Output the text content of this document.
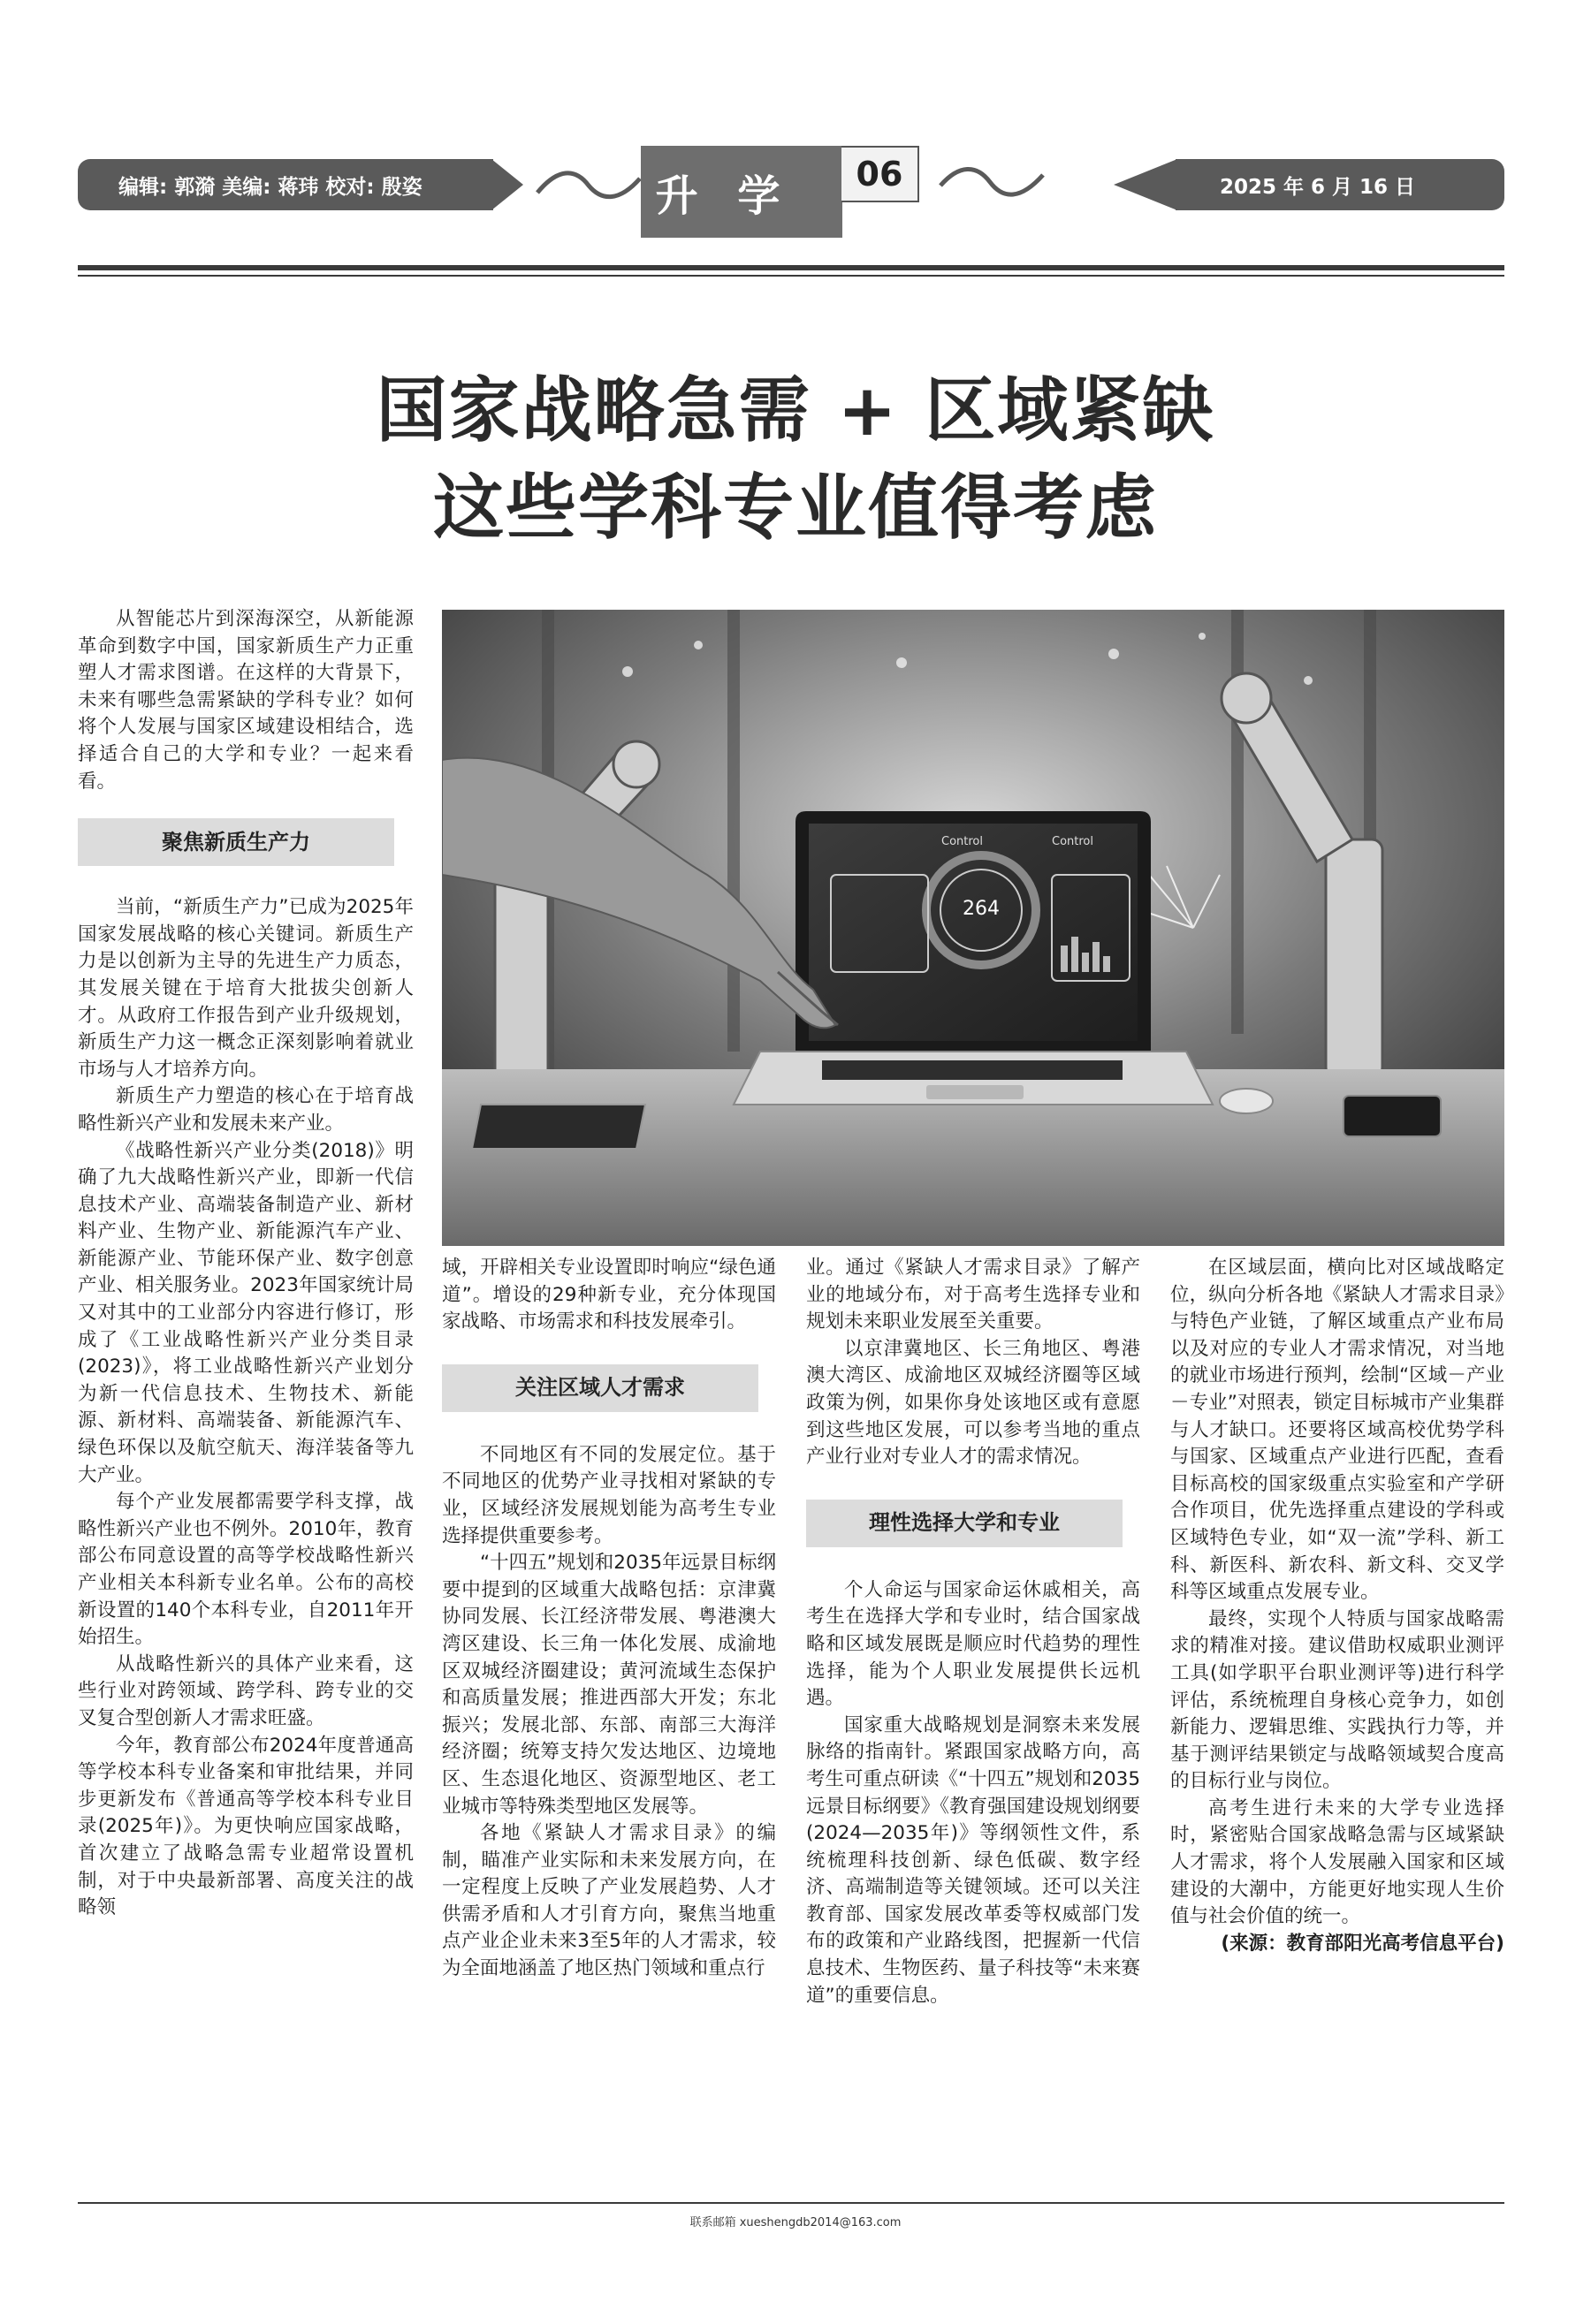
编辑: 郭漪 美编: 蒋玮 校对: 殷姿	升 学 06	2025 年 6 月 16 日
国家战略急需 + 区域紧缺
这些学科专业值得考虑

从智能芯片到深海深空，从新能源革命到数字中国，国家新质生产力正重塑人才需求图谱。在这样的大背景下，未来有哪些急需紧缺的学科专业？如何将个人发展与国家区域建设相结合，选择适合自己的大学和专业？一起来看看。

聚焦新质生产力

当前，“新质生产力”已成为2025年国家发展战略的核心关键词。新质生产力是以创新为主导的先进生产力质态，其发展关键在于培育大批拔尖创新人才。从政府工作报告到产业升级规划，新质生产力这一概念正深刻影响着就业市场与人才培养方向。

新质生产力塑造的核心在于培育战略性新兴产业和发展未来产业。

《战略性新兴产业分类(2018)》明确了九大战略性新兴产业，即新一代信息技术产业、高端装备制造产业、新材料产业、生物产业、新能源汽车产业、新能源产业、节能环保产业、数字创意产业、相关服务业。2023年国家统计局又对其中的工业部分内容进行修订，形成了《工业战略性新兴产业分类目录(2023)》，将工业战略性新兴产业划分为新一代信息技术、生物技术、新能源、新材料、高端装备、新能源汽车、绿色环保以及航空航天、海洋装备等九大产业。

每个产业发展都需要学科支撑，战略性新兴产业也不例外。2010年，教育部公布同意设置的高等学校战略性新兴产业相关本科新专业名单。公布的高校新设置的140个本科专业，自2011年开始招生。

从战略性新兴的具体产业来看，这些行业对跨领域、跨学科、跨专业的交叉复合型创新人才需求旺盛。

今年，教育部公布2024年度普通高等学校本科专业备案和审批结果，并同步更新发布《普通高等学校本科专业目录(2025年)》。为更快响应国家战略，首次建立了战略急需专业超常设置机制，对于中央最新部署、高度关注的战略领

264
Control	Control

域，开辟相关专业设置即时响应“绿色通道”。增设的29种新专业，充分体现国家战略、市场需求和科技发展牵引。

关注区域人才需求

不同地区有不同的发展定位。基于不同地区的优势产业寻找相对紧缺的专业，区域经济发展规划能为高考生专业选择提供重要参考。

“十四五”规划和2035年远景目标纲要中提到的区域重大战略包括：京津冀协同发展、长江经济带发展、粤港澳大湾区建设、长三角一体化发展、成渝地区双城经济圈建设；黄河流域生态保护和高质量发展；推进西部大开发；东北振兴；发展北部、东部、南部三大海洋经济圈；统筹支持欠发达地区、边境地区、生态退化地区、资源型地区、老工业城市等特殊类型地区发展等。

各地《紧缺人才需求目录》的编制，瞄准产业实际和未来发展方向，在一定程度上反映了产业发展趋势、人才供需矛盾和人才引育方向，聚焦当地重点产业企业未来3至5年的人才需求，较为全面地涵盖了地区热门领域和重点行

业。通过《紧缺人才需求目录》了解产业的地域分布，对于高考生选择专业和规划未来职业发展至关重要。

以京津冀地区、长三角地区、粤港澳大湾区、成渝地区双城经济圈等区域政策为例，如果你身处该地区或有意愿到这些地区发展，可以参考当地的重点产业行业对专业人才的需求情况。

理性选择大学和专业

个人命运与国家命运休戚相关，高考生在选择大学和专业时，结合国家战略和区域发展既是顺应时代趋势的理性选择，能为个人职业发展提供长远机遇。

国家重大战略规划是洞察未来发展脉络的指南针。紧跟国家战略方向，高考生可重点研读《“十四五”规划和2035远景目标纲要》《教育强国建设规划纲要(2024—2035年)》等纲领性文件，系统梳理科技创新、绿色低碳、数字经济、高端制造等关键领域。还可以关注教育部、国家发展改革委等权威部门发布的政策和产业路线图，把握新一代信息技术、生物医药、量子科技等“未来赛道”的重要信息。

在区域层面，横向比对区域战略定位，纵向分析各地《紧缺人才需求目录》与特色产业链，了解区域重点产业布局以及对应的专业人才需求情况，对当地的就业市场进行预判，绘制“区域－产业－专业”对照表，锁定目标城市产业集群与人才缺口。还要将区域高校优势学科与国家、区域重点产业进行匹配，查看目标高校的国家级重点实验室和产学研合作项目，优先选择重点建设的学科或区域特色专业，如“双一流”学科、新工科、新医科、新农科、新文科、交叉学科等区域重点发展专业。

最终，实现个人特质与国家战略需求的精准对接。建议借助权威职业测评工具(如学职平台职业测评等)进行科学评估，系统梳理自身核心竞争力，如创新能力、逻辑思维、实践执行力等，并基于测评结果锁定与战略领域契合度高的目标行业与岗位。

高考生进行未来的大学专业选择时，紧密贴合国家战略急需与区域紧缺人才需求，将个人发展融入国家和区域建设的大潮中，方能更好地实现人生价值与社会价值的统一。

(来源：教育部阳光高考信息平台)

联系邮箱 xueshengdb2014@163.com
